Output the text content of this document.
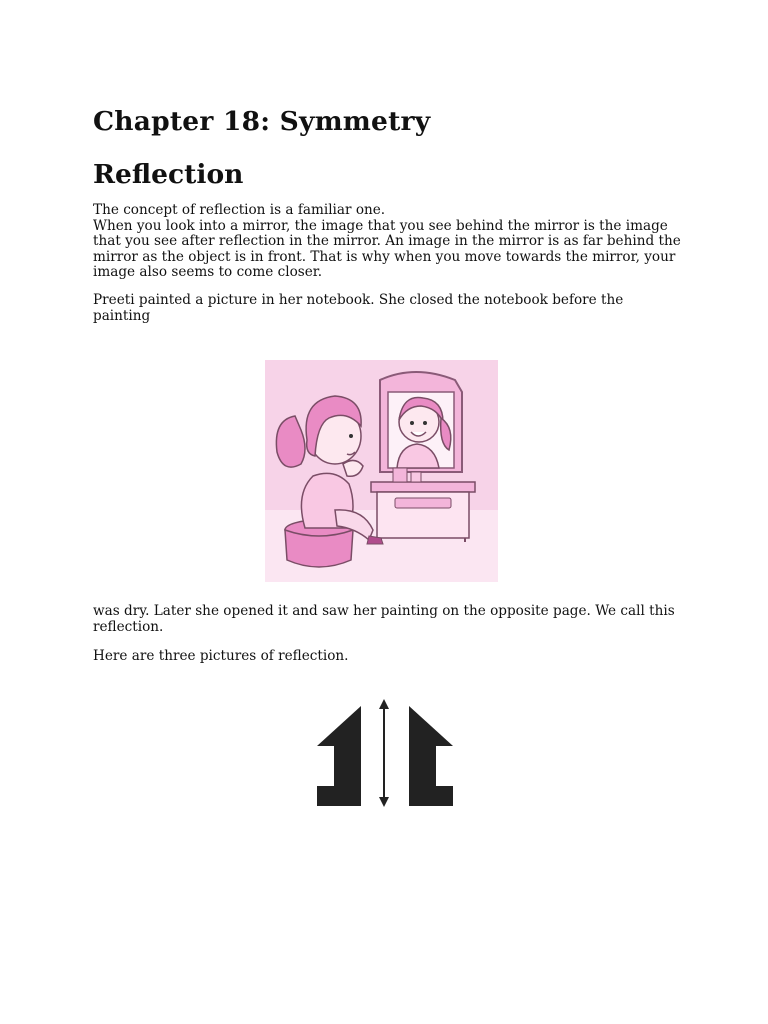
Chapter 18: Symmetry
Reflection
The concept of reflection is a familiar one.
When you look into a mirror, the image that you see behind the mirror is the image that you see after reflection in the mirror. An image in the mirror is as far behind the mirror as the object is in front. That is why when you move towards the mirror, your image also seems to come closer.

Preeti painted a picture in her notebook. She closed the notebook before the painting

was dry. Later she opened it and saw her painting on the opposite page. We call this reflection.

Here are three pictures of reflection.
